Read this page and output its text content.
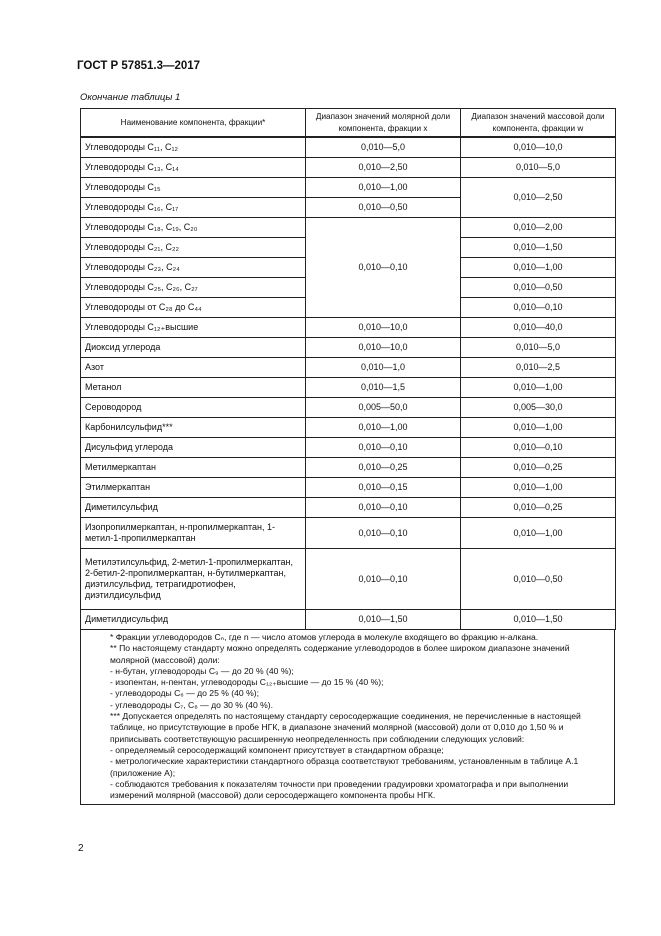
ГОСТ Р 57851.3—2017
Окончание таблицы 1
Наименование компонента, фракции*	Диапазон значений молярной доли компонента, фракции x	Диапазон значений массовой доли компонента, фракции w
Углеводороды C₁₁, C₁₂	0,010—5,0	0,010—10,0
Углеводороды C₁₃, C₁₄	0,010—2,50	0,010—5,0
Углеводороды C₁₅	0,010—1,00	0,010—2,50
Углеводороды C₁₆, C₁₇	0,010—0,50	
Углеводороды C₁₈, C₁₉, C₂₀	0,010—0,10	0,010—2,00
Углеводороды C₂₁, C₂₂		0,010—1,50
Углеводороды C₂₃, C₂₄		0,010—1,00
Углеводороды C₂₅, C₂₆, C₂₇		0,010—0,50
Углеводороды от C₂₈ до C₄₄		0,010—0,10
Углеводороды C₁₂₊высшие	0,010—10,0	0,010—40,0
Диоксид углерода	0,010—10,0	0,010—5,0
Азот	0,010—1,0	0,010—2,5
Метанол	0,010—1,5	0,010—1,00
Сероводород	0,005—50,0	0,005—30,0
Карбонилсульфид***	0,010—1,00	0,010—1,00
Дисульфид углерода	0,010—0,10	0,010—0,10
Метилмеркаптан	0,010—0,25	0,010—0,25
Этилмеркаптан	0,010—0,15	0,010—1,00
Диметилсульфид	0,010—0,10	0,010—0,25
Изопропилмеркаптан, н-пропилмеркаптан, 1-метил-1-пропилмеркаптан	0,010—0,10	0,010—1,00
Метилэтилсульфид, 2-метил-1-пропилмеркаптан, 2-бетил-2-пропилмеркаптан, н-бутилмеркаптан, диэтилсульфид, тетрагидротиофен, диэтилдисульфид	0,010—0,10	0,010—0,50
Диметилдисульфид	0,010—1,50	0,010—1,50

* Фракции углеводородов Cₙ, где n — число атомов углерода в молекуле входящего во фракцию н-алкана.

** По настоящему стандарту можно определять содержание углеводородов в более широком диапазоне значений молярной (массовой) доли:

- н-бутан, углеводороды C₉ — до 20 % (40 %);

- изопентан, н-пентан, углеводороды C₁₂₊высшие — до 15 % (40 %);

- углеводороды C₆ — до 25 % (40 %);

- углеводороды C₇, C₈ — до 30 % (40 %).

*** Допускается определять по настоящему стандарту серосодержащие соединения, не перечисленные в настоящей таблице, но присутствующие в пробе НГК, в диапазоне значений молярной (массовой) доли от 0,010 до 1,50 % и приписывать соответствующую расширенную неопределенность при соблюдении следующих условий:

- определяемый серосодержащий компонент присутствует в стандартном образце;

- метрологические характеристики стандартного образца соответствуют требованиям, установленным в таблице А.1 (приложение А);

- соблюдаются требования к показателям точности при проведении градуировки хроматографа и при выполнении измерений молярной (массовой) доли серосодержащего компонента пробы НГК.

2
